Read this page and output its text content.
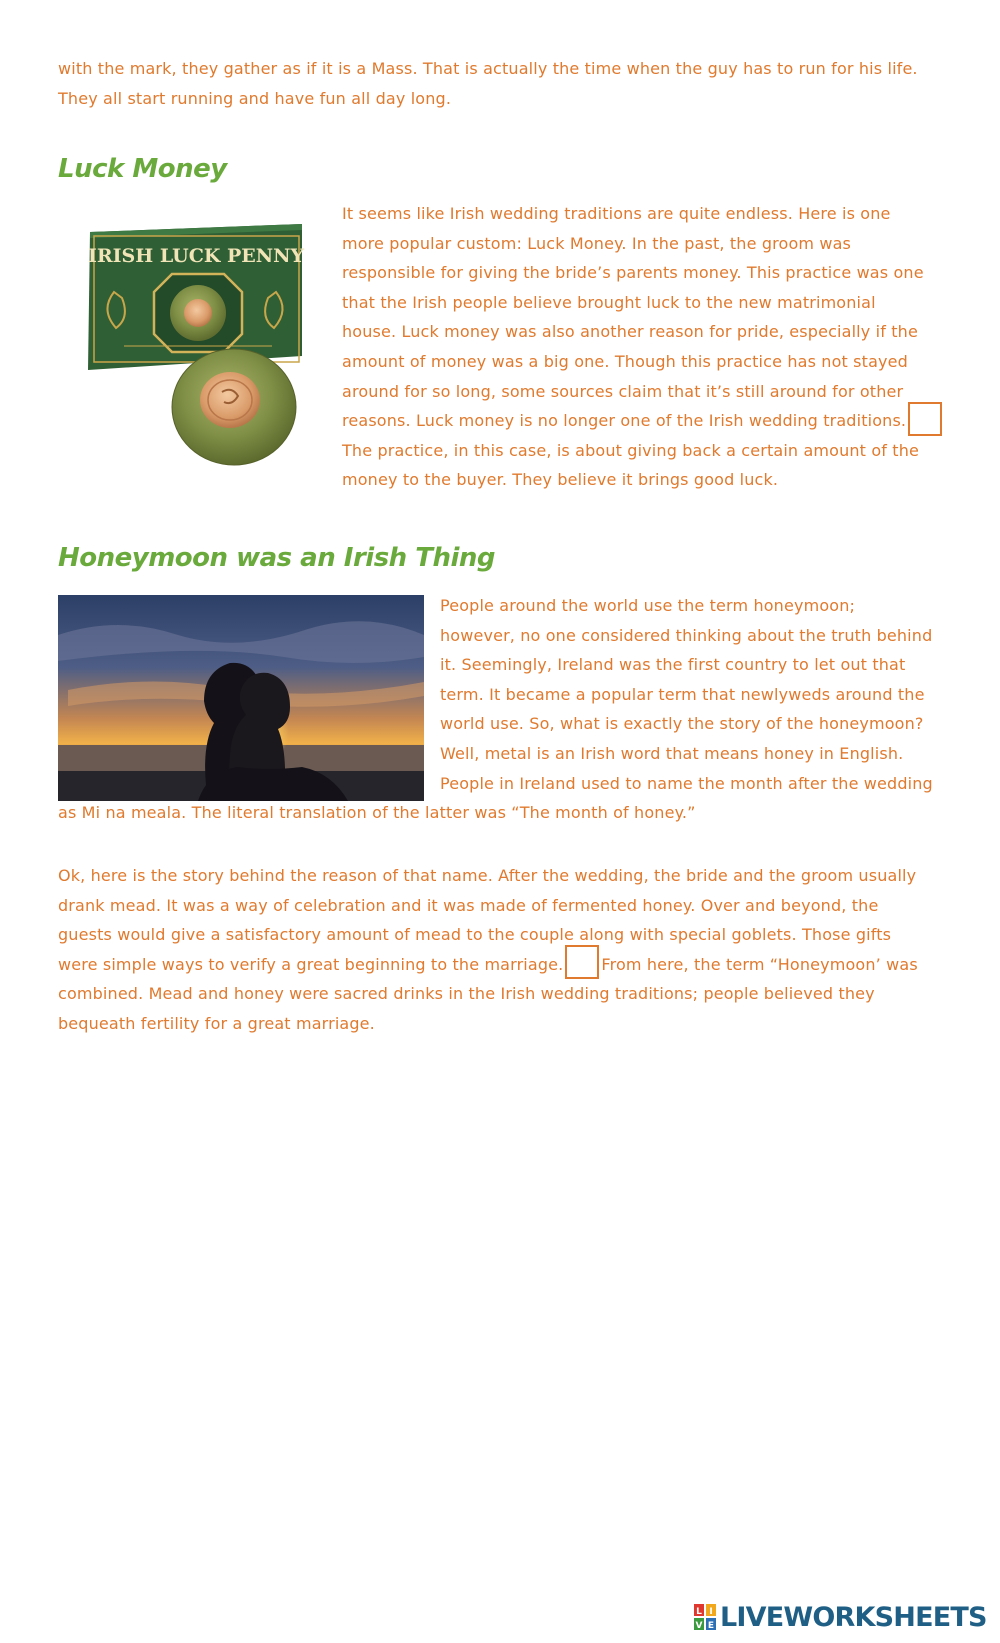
with the mark, they gather as if it is a Mass. That is actually the time when the guy has to run for his life.
They all start running and have fun all day long.
Luck Money
IRISH LUCK PENNY
It seems like Irish wedding traditions are quite endless. Here is one
more popular custom: Luck Money. In the past, the groom was
responsible for giving the bride’s parents money. This practice was one
that the Irish people believe brought luck to the new matrimonial
house. Luck money was also another reason for pride, especially if the
amount of money was a big one. Though this practice has not stayed
around for so long, some sources claim that it’s still around for other
reasons. Luck money is no longer one of the Irish wedding traditions.
The practice, in this case, is about giving back a certain amount of the
money to the buyer. They believe it brings good luck.
Honeymoon was an Irish Thing
People around the world use the term honeymoon;
however, no one considered thinking about the truth behind
it. Seemingly, Ireland was the first country to let out that
term. It became a popular term that newlyweds around the
world use. So, what is exactly the story of the honeymoon?
Well, metal is an Irish word that means honey in English.
People in Ireland used to name the month after the wedding
as Mi na meala. The literal translation of the latter was “The month of honey.”
Ok, here is the story behind the reason of that name. After the wedding, the bride and the groom usually
drank mead. It was a way of celebration and it was made of fermented honey. Over and beyond, the
guests would give a satisfactory amount of mead to the couple along with special goblets. Those gifts
were simple ways to verify a great beginning to the marriage. From here, the term “Honeymoon’ was
combined. Mead and honey were sacred drinks in the Irish wedding traditions; people believed they
bequeath fertility for a great marriage.
L I
V E LIVEWORKSHEETS
